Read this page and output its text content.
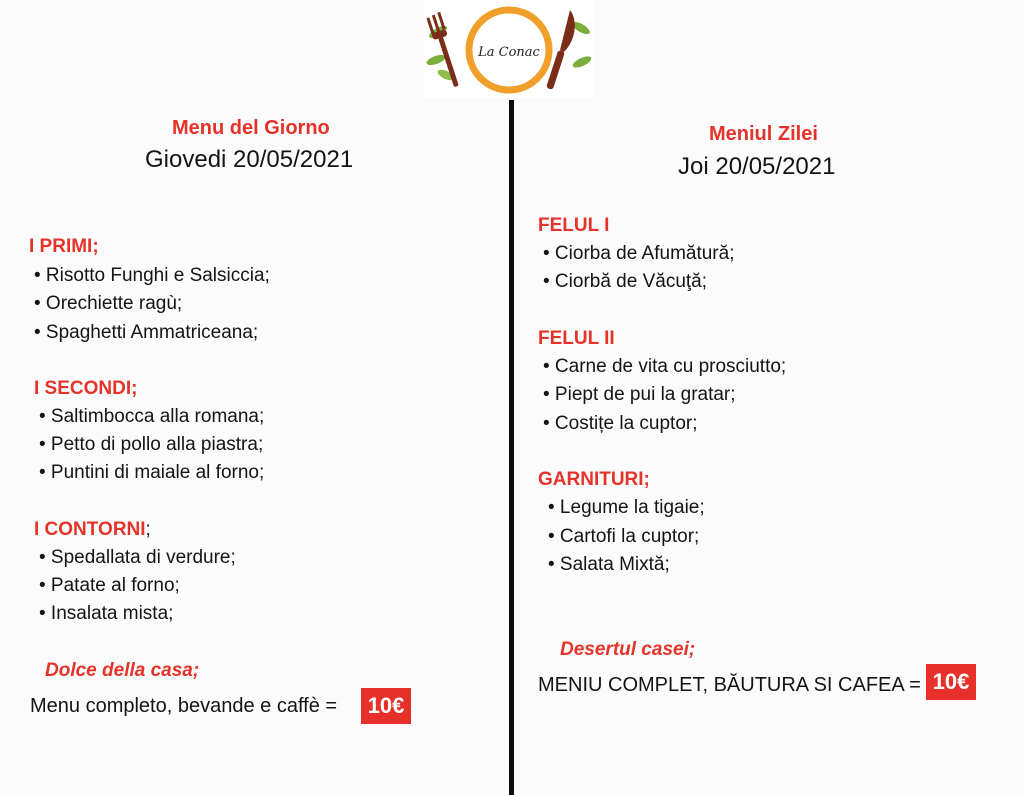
La Conac
Menu del Giorno
Giovedi 20/05/2021
I PRIMI;
• Risotto Funghi e Salsiccia;
• Orechiette ragù;
• Spaghetti Ammatriceana;
I SECONDI;
• Saltimbocca alla romana;
• Petto di pollo alla piastra;
• Puntini di maiale al forno;
I CONTORNI;
• Spedallata di verdure;
• Patate al forno;
• Insalata mista;
Dolce della casa;
Menu completo, bevande e caffè =	10€
Meniul Zilei
Joi 20/05/2021
FELUL I
• Ciorba de Afumătură;
• Ciorbă de Văcuţă;
FELUL II
• Carne de vita cu prosciutto;
• Piept de pui la gratar;
• Costițe la cuptor;
GARNITURI;
• Legume la tigaie;
• Cartofi la cuptor;
• Salata Mixtă;
Desertul casei;
MENIU COMPLET, BĂUTURA SI CAFEA = 10€
